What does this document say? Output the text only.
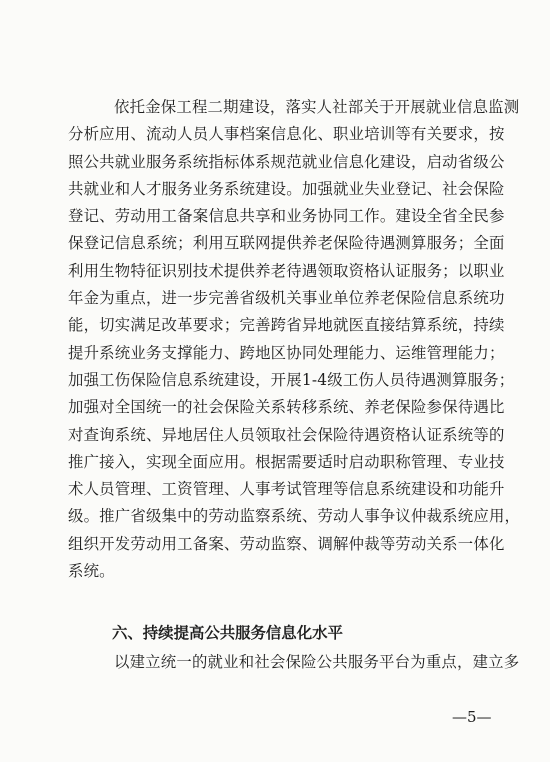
依托金保工程二期建设，落实人社部关于开展就业信息监测
分析应用、流动人员人事档案信息化、职业培训等有关要求，按
照公共就业服务系统指标体系规范就业信息化建设，启动省级公
共就业和人才服务业务系统建设。加强就业失业登记、社会保险
登记、劳动用工备案信息共享和业务协同工作。建设全省全民参
保登记信息系统；利用互联网提供养老保险待遇测算服务；全面
利用生物特征识别技术提供养老待遇领取资格认证服务；以职业
年金为重点，进一步完善省级机关事业单位养老保险信息系统功
能，切实满足改革要求；完善跨省异地就医直接结算系统，持续
提升系统业务支撑能力、跨地区协同处理能力、运维管理能力；
加强工伤保险信息系统建设，开展1-4级工伤人员待遇测算服务；
加强对全国统一的社会保险关系转移系统、养老保险参保待遇比
对查询系统、异地居住人员领取社会保险待遇资格认证系统等的
推广接入，实现全面应用。根据需要适时启动职称管理、专业技
术人员管理、工资管理、人事考试管理等信息系统建设和功能升
级。推广省级集中的劳动监察系统、劳动人事争议仲裁系统应用，
组织开发劳动用工备案、劳动监察、调解仲裁等劳动关系一体化
系统。
六、持续提高公共服务信息化水平
以建立统一的就业和社会保险公共服务平台为重点，建立多
—5—
